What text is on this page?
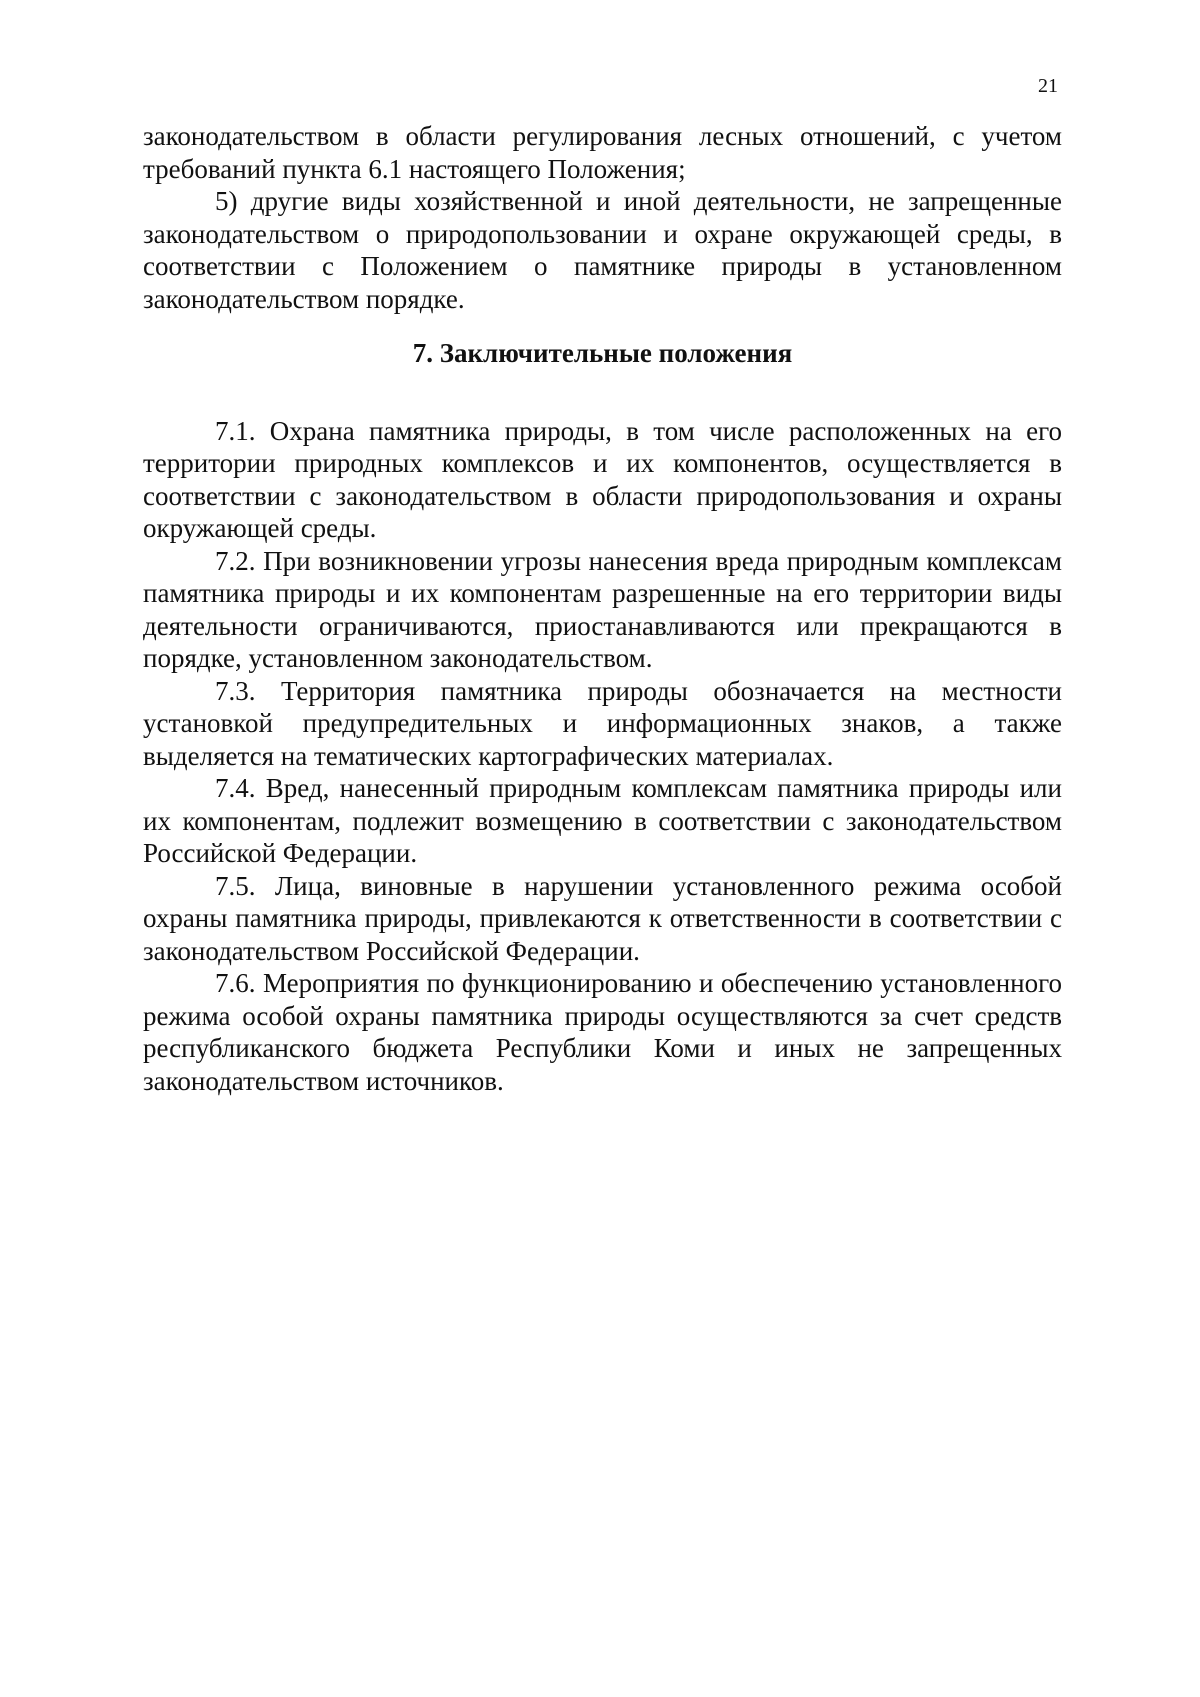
21

законодательством в области регулирования лесных отношений, с учетом требований пункта 6.1 настоящего Положения;

5) другие виды хозяйственной и иной деятельности, не запрещенные законодательством о природопользовании и охране окружающей среды, в соответствии с Положением о памятнике природы в установленном законодательством порядке.

7. Заключительные положения

7.1. Охрана памятника природы, в том числе расположенных на его территории природных комплексов и их компонентов, осуществляется в соответствии с законодательством в области природопользования и охраны окружающей среды.

7.2. При возникновении угрозы нанесения вреда природным комплексам памятника природы и их компонентам разрешенные на его территории виды деятельности ограничиваются, приостанавливаются или прекращаются в порядке, установленном законодательством.

7.3. Территория памятника природы обозначается на местности установкой предупредительных и информационных знаков, а также выделяется на тематических картографических материалах.

7.4. Вред, нанесенный природным комплексам памятника природы или их компонентам, подлежит возмещению в соответствии с законодательством Российской Федерации.

7.5. Лица, виновные в нарушении установленного режима особой охраны памятника природы, привлекаются к ответственности в соответствии с законодательством Российской Федерации.

7.6. Мероприятия по функционированию и обеспечению установленного режима особой охраны памятника природы осуществляются за счет средств республиканского бюджета Республики Коми и иных не запрещенных законодательством источников.
